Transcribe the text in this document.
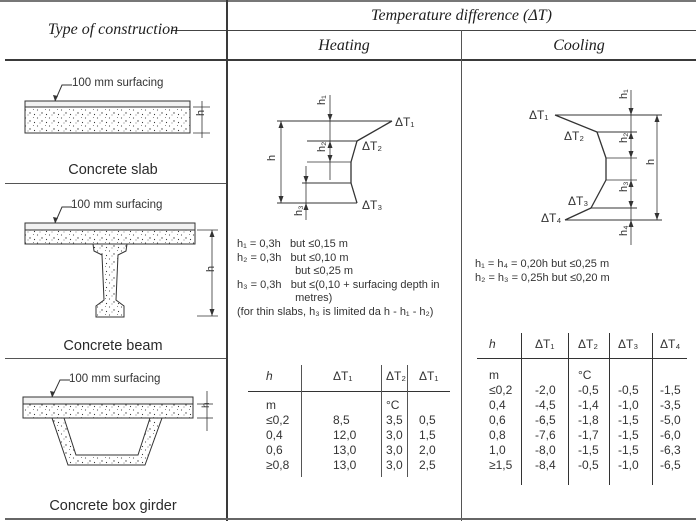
Type of construction
Temperature difference (ΔT)
Heating	Cooling
h
100 mm surfacing
Concrete slab
h
100 mm surfacing
Concrete beam
h
100 mm surfacing
Concrete box girder
h
h₁
h₂
h₃
ΔT₁
ΔT₂
ΔT₃
h₁ = 0,3h   but ≤0,15 m
h₂ = 0,3h   but ≤0,10 m
but ≤0,25 m
h₃ = 0,3h   but ≤(0,10 + surfacing depth in
metres)
(for thin slabs, h₃ is limited da h - h₁ - h₂)
h	ΔT₁	ΔT₂ ΔT₁
m	°C
≤0,2	8,5	3,5 0,5
0,4	12,0 3,0 1,5
0,6	13,0 3,0 2,0
≥0,8	13,0 3,0 2,5
h
h₁
h₂
h₃
h₄
ΔT₁
ΔT₂
ΔT₃
ΔT₄
h₁ = h₄ = 0,20h but ≤0,25 m
h₂ = h₃ = 0,25h but ≤0,20 m
h	ΔT₁ ΔT₂ ΔT₃ ΔT₄
m	°C
≤0,2 -2,0 -0,5 -0,5 -1,5
0,4 -4,5 -1,4 -1,0 -3,5
0,6 -6,5 -1,8 -1,5 -5,0
0,8 -7,6 -1,7 -1,5 -6,0
1,0 -8,0 -1,5 -1,5 -6,3
≥1,5 -8,4 -0,5 -1,0 -6,5
